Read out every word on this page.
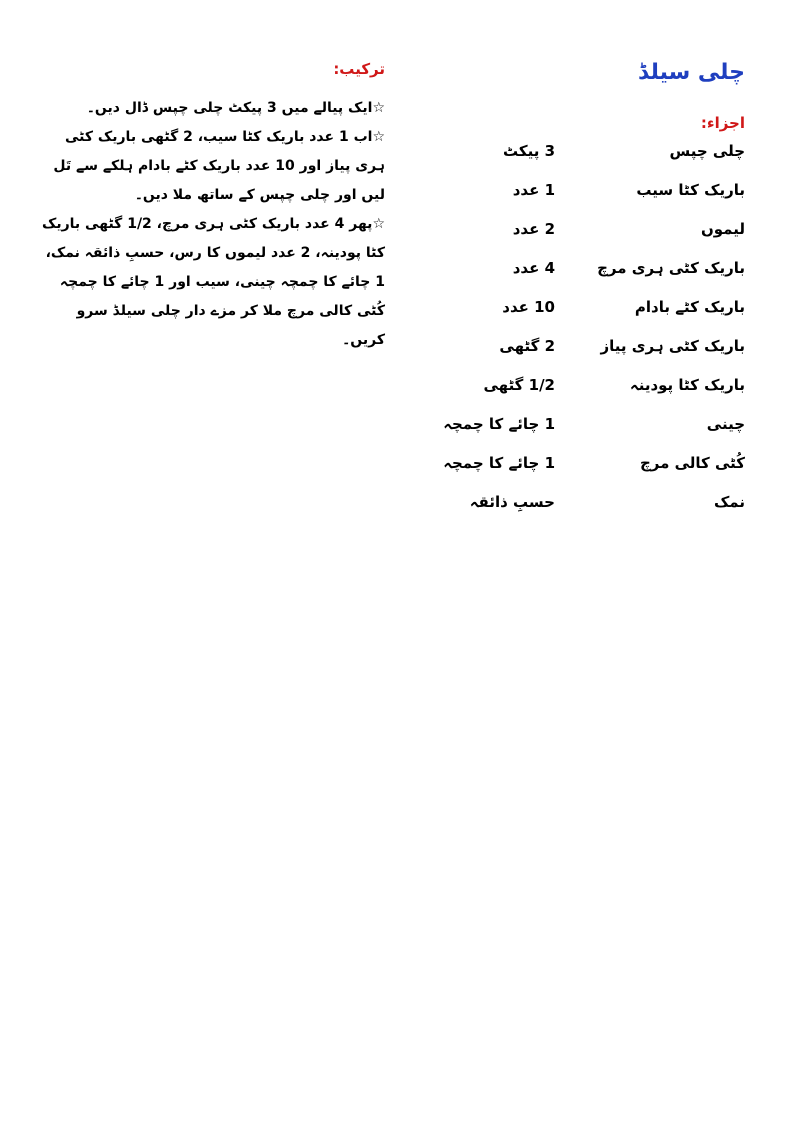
چلی سیلڈ
اجزاء:
چلی چپس
3 پیکٹ
باریک کٹا سیب
1 عدد
لیموں
2 عدد
باریک کٹی ہری مرچ
4 عدد
باریک کٹے بادام
10 عدد
باریک کٹی ہری پیاز
2 گٹھی
باریک کٹا پودینہ
1/2 گٹھی
چینی
1 چائے کا چمچہ
کُٹی کالی مرچ
1 چائے کا چمچہ
نمک
حسبِ ذائقہ
ترکیب:

☆ایک پیالے میں 3 پیکٹ چلی چپس ڈال دیں۔

☆اب 1 عدد باریک کٹا سیب، 2 گٹھی باریک کٹی ہری پیاز اور 10 عدد باریک کٹے بادام ہلکے سے تَل لیں اور چلی چپس کے ساتھ ملا دیں۔

☆پھر 4 عدد باریک کٹی ہری مرچ، 1/2 گٹھی باریک کٹا پودینہ، 2 عدد لیموں کا رس، حسبِ ذائقہ نمک، 1 چائے کا چمچہ چینی، سیب اور 1 چائے کا چمچہ کُٹی کالی مرچ ملا کر مزے دار چلی سیلڈ سرو کریں۔
